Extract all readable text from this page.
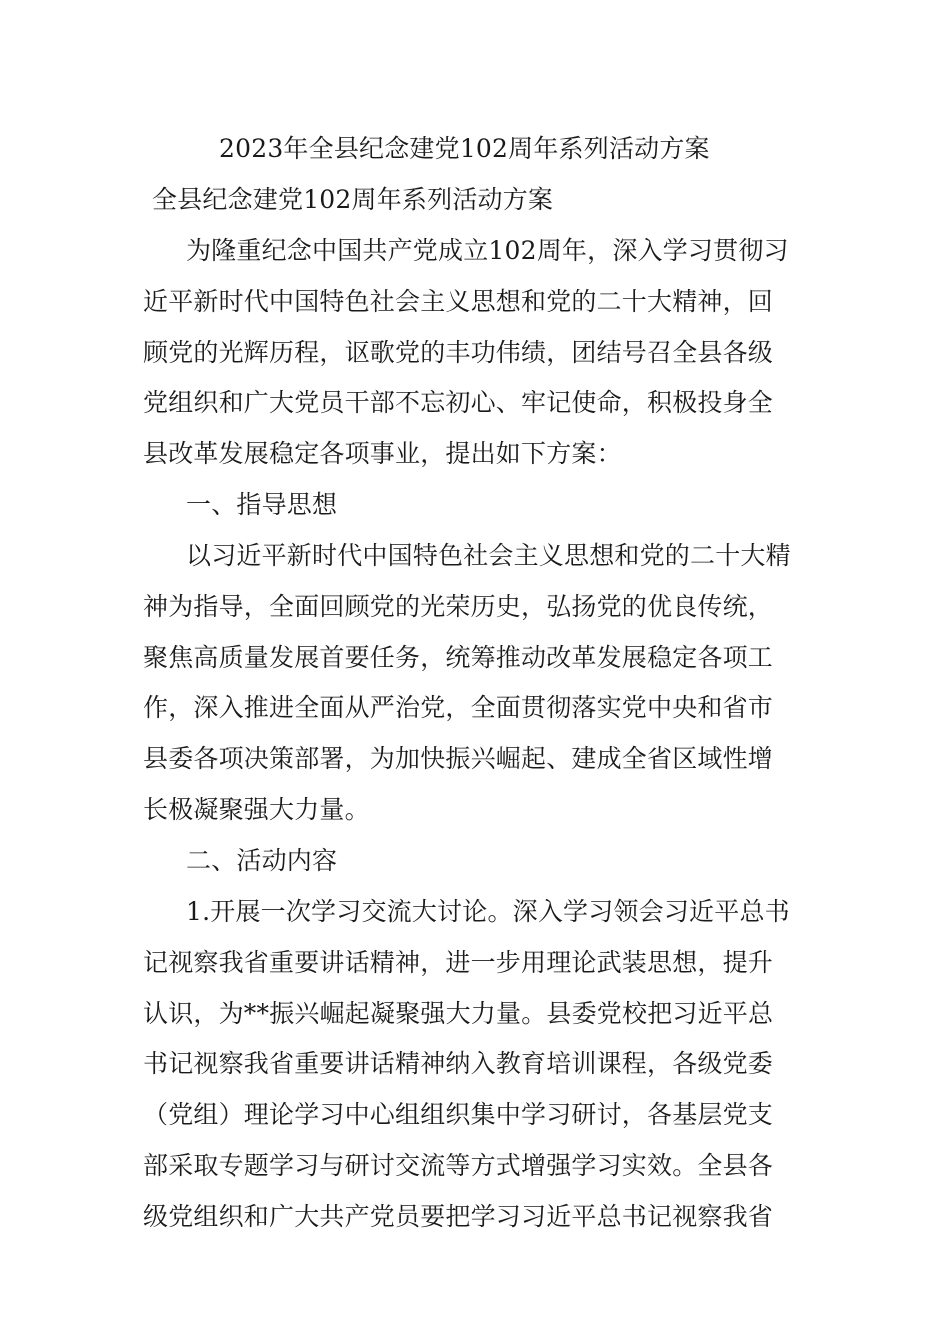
2023年全县纪念建党102周年系列活动方案
全县纪念建党102周年系列活动方案
为隆重纪念中国共产党成立102周年，深入学习贯彻习
近平新时代中国特色社会主义思想和党的二十大精神，回
顾党的光辉历程，讴歌党的丰功伟绩，团结号召全县各级
党组织和广大党员干部不忘初心、牢记使命，积极投身全
县改革发展稳定各项事业，提出如下方案：
一、指导思想
以习近平新时代中国特色社会主义思想和党的二十大精
神为指导，全面回顾党的光荣历史，弘扬党的优良传统，
聚焦高质量发展首要任务，统筹推动改革发展稳定各项工
作，深入推进全面从严治党，全面贯彻落实党中央和省市
县委各项决策部署，为加快振兴崛起、建成全省区域性增
长极凝聚强大力量。
二、活动内容
1.开展一次学习交流大讨论。深入学习领会习近平总书
记视察我省重要讲话精神，进一步用理论武装思想，提升
认识，为**振兴崛起凝聚强大力量。县委党校把习近平总
书记视察我省重要讲话精神纳入教育培训课程，各级党委
（党组）理论学习中心组组织集中学习研讨，各基层党支
部采取专题学习与研讨交流等方式增强学习实效。全县各
级党组织和广大共产党员要把学习习近平总书记视察我省
